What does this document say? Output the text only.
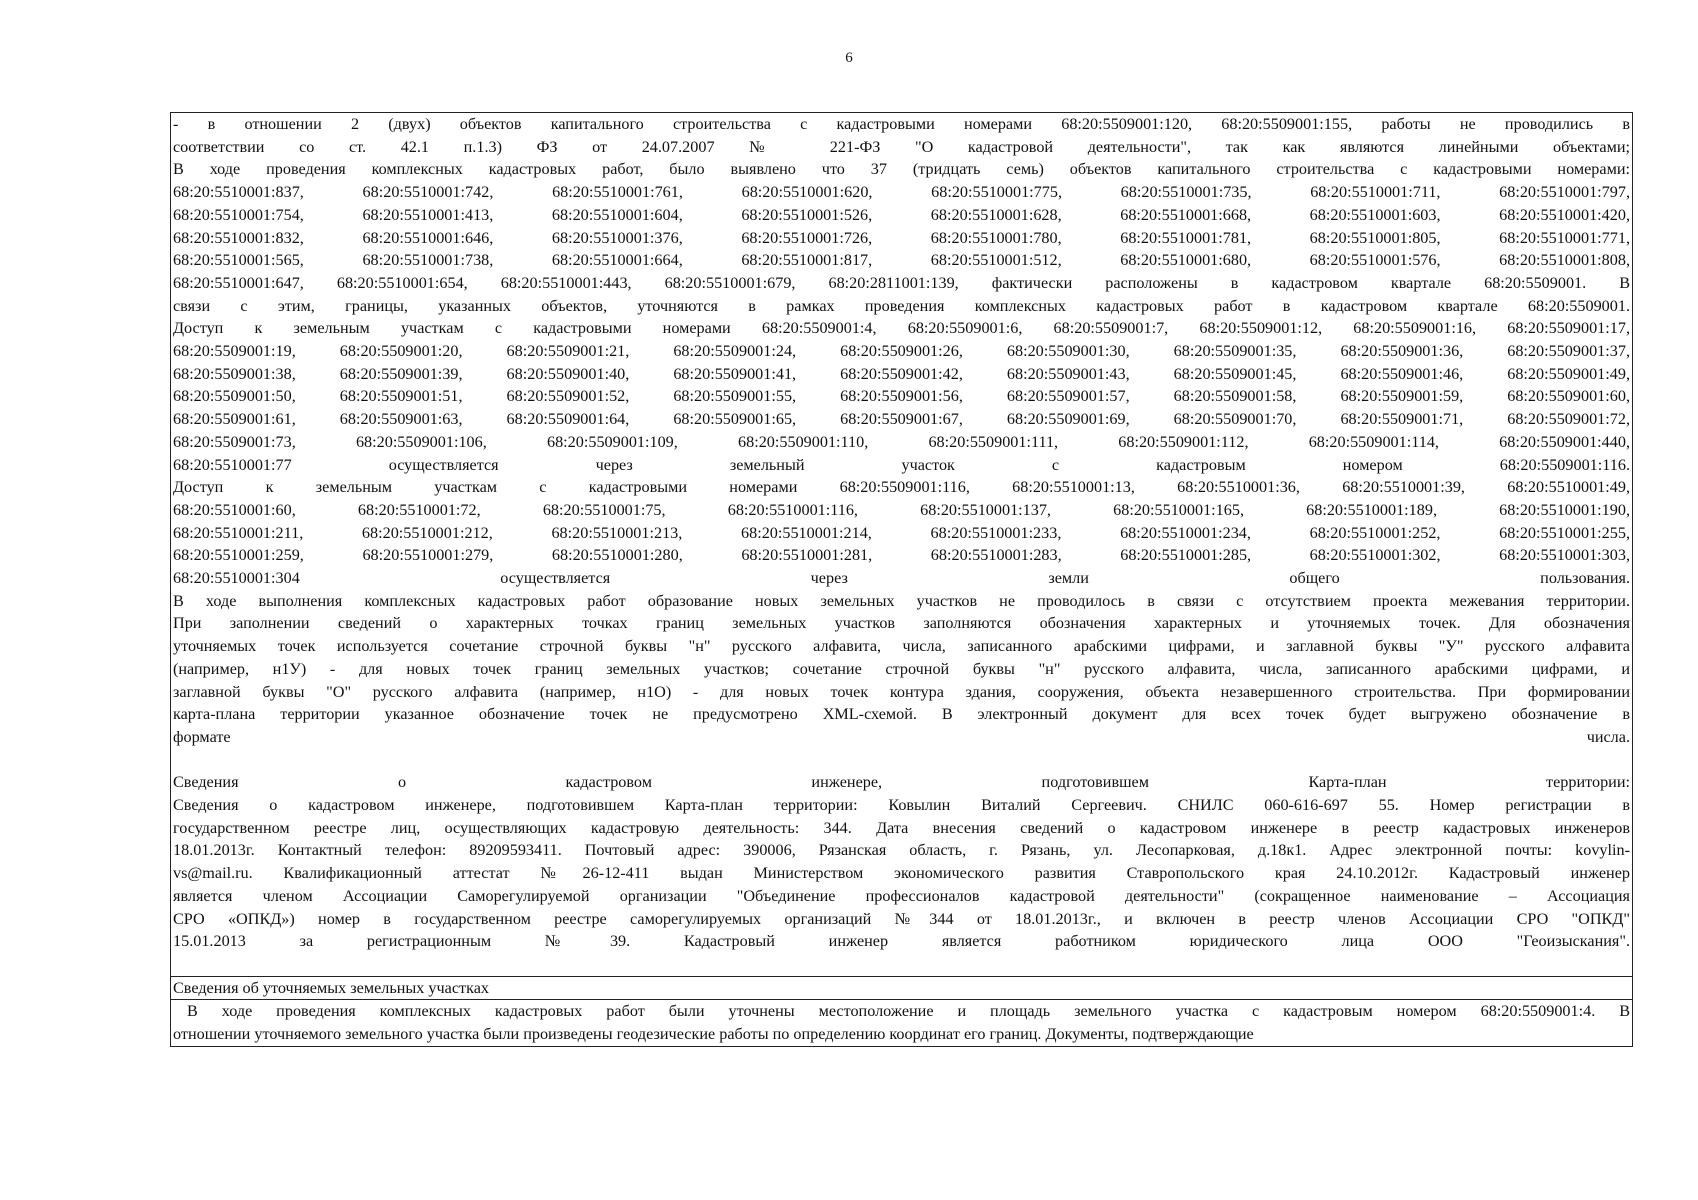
6
- в отношении 2 (двух) объектов капитального строительства с кадастровыми номерами 68:20:5509001:120, 68:20:5509001:155, работы не проводились в
соответствии со ст. 42.1 п.1.3) ФЗ от 24.07.2007 № 221-ФЗ "О кадастровой деятельности", так как являются линейными объектами;
В ходе проведения комплексных кадастровых работ, было выявлено что 37 (тридцать семь) объектов капитального строительства с кадастровыми номерами:
68:20:5510001:837, 68:20:5510001:742, 68:20:5510001:761, 68:20:5510001:620, 68:20:5510001:775, 68:20:5510001:735, 68:20:5510001:711, 68:20:5510001:797,
68:20:5510001:754, 68:20:5510001:413, 68:20:5510001:604, 68:20:5510001:526, 68:20:5510001:628, 68:20:5510001:668, 68:20:5510001:603, 68:20:5510001:420,
68:20:5510001:832, 68:20:5510001:646, 68:20:5510001:376, 68:20:5510001:726, 68:20:5510001:780, 68:20:5510001:781, 68:20:5510001:805, 68:20:5510001:771,
68:20:5510001:565, 68:20:5510001:738, 68:20:5510001:664, 68:20:5510001:817, 68:20:5510001:512, 68:20:5510001:680, 68:20:5510001:576, 68:20:5510001:808,
68:20:5510001:647, 68:20:5510001:654, 68:20:5510001:443, 68:20:5510001:679, 68:20:2811001:139, фактически расположены в кадастровом квартале 68:20:5509001. В
связи с этим, границы, указанных объектов, уточняются в рамках проведения комплексных кадастровых работ в кадастровом квартале 68:20:5509001.
Доступ к земельным участкам с кадастровыми номерами 68:20:5509001:4, 68:20:5509001:6, 68:20:5509001:7, 68:20:5509001:12, 68:20:5509001:16, 68:20:5509001:17,
68:20:5509001:19, 68:20:5509001:20, 68:20:5509001:21, 68:20:5509001:24, 68:20:5509001:26, 68:20:5509001:30, 68:20:5509001:35, 68:20:5509001:36, 68:20:5509001:37,
68:20:5509001:38, 68:20:5509001:39, 68:20:5509001:40, 68:20:5509001:41, 68:20:5509001:42, 68:20:5509001:43, 68:20:5509001:45, 68:20:5509001:46, 68:20:5509001:49,
68:20:5509001:50, 68:20:5509001:51, 68:20:5509001:52, 68:20:5509001:55, 68:20:5509001:56, 68:20:5509001:57, 68:20:5509001:58, 68:20:5509001:59, 68:20:5509001:60,
68:20:5509001:61, 68:20:5509001:63, 68:20:5509001:64, 68:20:5509001:65, 68:20:5509001:67, 68:20:5509001:69, 68:20:5509001:70, 68:20:5509001:71, 68:20:5509001:72,
68:20:5509001:73, 68:20:5509001:106, 68:20:5509001:109, 68:20:5509001:110, 68:20:5509001:111, 68:20:5509001:112, 68:20:5509001:114, 68:20:5509001:440,
68:20:5510001:77 осуществляется через земельный участок с кадастровым номером 68:20:5509001:116.
Доступ к земельным участкам с кадастровыми номерами 68:20:5509001:116, 68:20:5510001:13, 68:20:5510001:36, 68:20:5510001:39, 68:20:5510001:49,
68:20:5510001:60, 68:20:5510001:72, 68:20:5510001:75, 68:20:5510001:116, 68:20:5510001:137, 68:20:5510001:165, 68:20:5510001:189, 68:20:5510001:190,
68:20:5510001:211, 68:20:5510001:212, 68:20:5510001:213, 68:20:5510001:214, 68:20:5510001:233, 68:20:5510001:234, 68:20:5510001:252, 68:20:5510001:255,
68:20:5510001:259, 68:20:5510001:279, 68:20:5510001:280, 68:20:5510001:281, 68:20:5510001:283, 68:20:5510001:285, 68:20:5510001:302, 68:20:5510001:303,
68:20:5510001:304 осуществляется через земли общего пользования.
В ходе выполнения комплексных кадастровых работ образование новых земельных участков не проводилось в связи с отсутствием проекта межевания территории.
При заполнении сведений о характерных точках границ земельных участков заполняются обозначения характерных и уточняемых точек. Для обозначения
уточняемых точек используется сочетание строчной буквы "н" русского алфавита, числа, записанного арабскими цифрами, и заглавной буквы "У" русского алфавита
(например, н1У) - для новых точек границ земельных участков; сочетание строчной буквы "н" русского алфавита, числа, записанного арабскими цифрами, и
заглавной буквы "О" русского алфавита (например, н1О) - для новых точек контура здания, сооружения, объекта незавершенного строительства. При формировании
карта-плана территории указанное обозначение точек не предусмотрено XML-схемой. В электронный документ для всех точек будет выгружено обозначение в
формате числа.
Сведения о кадастровом инженере, подготовившем Карта-план территории:
Сведения о кадастровом инженере, подготовившем Карта-план территории: Ковылин Виталий Сергеевич. СНИЛС 060-616-697 55. Номер регистрации в
государственном реестре лиц, осуществляющих кадастровую деятельность: 344. Дата внесения сведений о кадастровом инженере в реестр кадастровых инженеров
18.01.2013г. Контактный телефон: 89209593411. Почтовый адрес: 390006, Рязанская область, г. Рязань, ул. Лесопарковая, д.18к1. Адрес электронной почты: kovylin-
vs@mail.ru. Квалификационный аттестат №26-12-411 выдан Министерством экономического развития Ставропольского края 24.10.2012г. Кадастровый инженер
является членом Ассоциации Саморегулируемой организации "Объединение профессионалов кадастровой деятельности" (сокращенное наименование – Ассоциация
СРО «ОПКД») номер в государственном реестре саморегулируемых организаций №344 от 18.01.2013г., и включен в реестр членов Ассоциации СРО "ОПКД"
15.01.2013 за регистрационным №39. Кадастровый инженер является работником юридического лица ООО "Геоизыскания".
Сведения об уточняемых земельных участках
В ходе проведения комплексных кадастровых работ были уточнены местоположение и площадь земельного участка с кадастровым номером 68:20:5509001:4. В
отношении уточняемого земельного участка были произведены геодезические работы по определению координат его границ. Документы, подтверждающие
